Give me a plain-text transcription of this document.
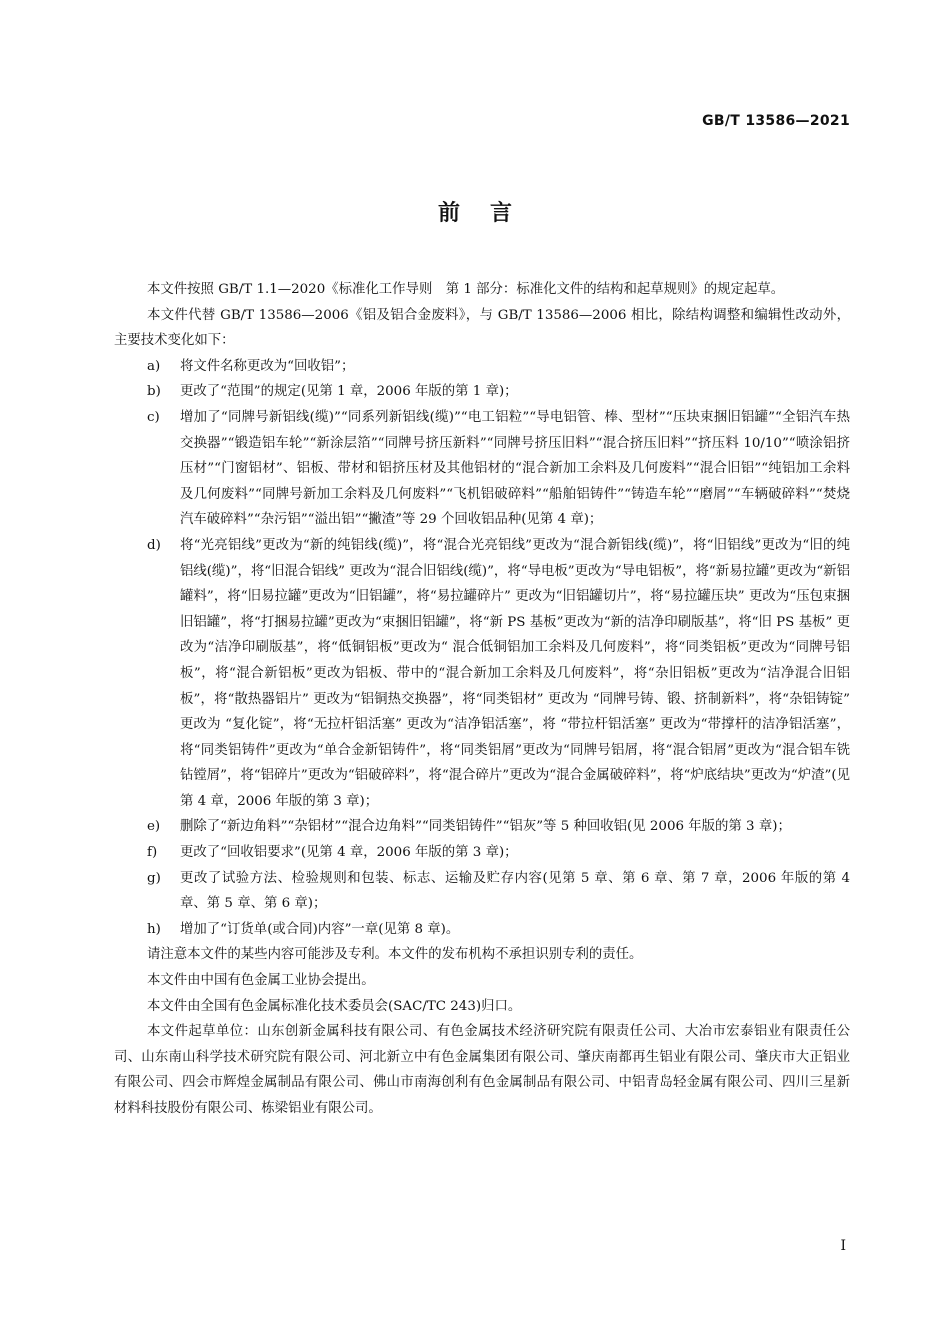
GB/T 13586—2021
前言

本文件按照 GB/T 1.1—2020《标准化工作导则　第 1 部分：标准化文件的结构和起草规则》的规定起草。

本文件代替 GB/T 13586—2006《铝及铝合金废料》，与 GB/T 13586—2006 相比，除结构调整和编辑性改动外，主要技术变化如下：

a)	将文件名称更改为“回收铝”；
b)	更改了“范围”的规定(见第 1 章，2006 年版的第 1 章)；
c)	增加了“同牌号新铝线(缆)”“同系列新铝线(缆)”“电工铝粒”“导电铝管、棒、型材”“压块束捆旧铝罐”“全铝汽车热交换器”“锻造铝车轮”“新涂层箔”“同牌号挤压新料”“同牌号挤压旧料”“混合挤压旧料”“挤压料 10/10”“喷涂铝挤压材”“门窗铝材”、铝板、带材和铝挤压材及其他铝材的“混合新加工余料及几何废料”“混合旧铝”“纯铝加工余料及几何废料”“同牌号新加工余料及几何废料”“飞机铝破碎料”“船舶铝铸件”“铸造车轮”“磨屑”“车辆破碎料”“焚烧汽车破碎料”“杂污铝”“溢出铝”“撇渣”等 29 个回收铝品种(见第 4 章)；
d)	将“光亮铝线”更改为“新的纯铝线(缆)”，将“混合光亮铝线”更改为“混合新铝线(缆)”，将“旧铝线”更改为“旧的纯铝线(缆)”，将“旧混合铝线” 更改为“混合旧铝线(缆)”，将“导电板”更改为“导电铝板”，将“新易拉罐”更改为“新铝罐料”，将“旧易拉罐”更改为“旧铝罐”，将“易拉罐碎片” 更改为“旧铝罐切片”，将“易拉罐压块” 更改为“压包束捆旧铝罐”，将“打捆易拉罐”更改为“束捆旧铝罐”，将“新 PS 基板”更改为“新的洁净印刷版基”，将“旧 PS 基板” 更改为“洁净印刷版基”，将“低铜铝板”更改为“ 混合低铜铝加工余料及几何废料”，将“同类铝板”更改为“同牌号铝板”，将“混合新铝板”更改为铝板、带中的“混合新加工余料及几何废料”，将“杂旧铝板”更改为“洁净混合旧铝板”，将“散热器铝片” 更改为“铝铜热交换器”，将“同类铝材” 更改为 “同牌号铸、锻、挤制新料”，将“杂铝铸锭” 更改为 “复化锭”，将“无拉杆铝活塞” 更改为“洁净铝活塞”，将 “带拉杆铝活塞” 更改为“带撑杆的洁净铝活塞”，将“同类铝铸件”更改为“单合金新铝铸件”，将“同类铝屑”更改为“同牌号铝屑，将“混合铝屑”更改为“混合铝车铣钻镗屑”，将“铝碎片”更改为“铝破碎料”，将“混合碎片”更改为“混合金属破碎料”，将“炉底结块”更改为“炉渣”(见第 4 章，2006 年版的第 3 章)；
e)	删除了“新边角料”“杂铝材”“混合边角料”“同类铝铸件”“铝灰”等 5 种回收铝(见 2006 年版的第 3 章)；
f)	更改了“回收铝要求”(见第 4 章，2006 年版的第 3 章)；
g)	更改了试验方法、检验规则和包装、标志、运输及贮存内容(见第 5 章、第 6 章、第 7 章，2006 年版的第 4 章、第 5 章、第 6 章)；
h)	增加了“订货单(或合同)内容”一章(见第 8 章)。

请注意本文件的某些内容可能涉及专利。本文件的发布机构不承担识别专利的责任。

本文件由中国有色金属工业协会提出。

本文件由全国有色金属标准化技术委员会(SAC/TC 243)归口。

本文件起草单位：山东创新金属科技有限公司、有色金属技术经济研究院有限责任公司、大冶市宏泰铝业有限责任公司、山东南山科学技术研究院有限公司、河北新立中有色金属集团有限公司、肇庆南都再生铝业有限公司、肇庆市大正铝业有限公司、四会市辉煌金属制品有限公司、佛山市南海创利有色金属制品有限公司、中铝青岛轻金属有限公司、四川三星新材料科技股份有限公司、栋梁铝业有限公司。

I
